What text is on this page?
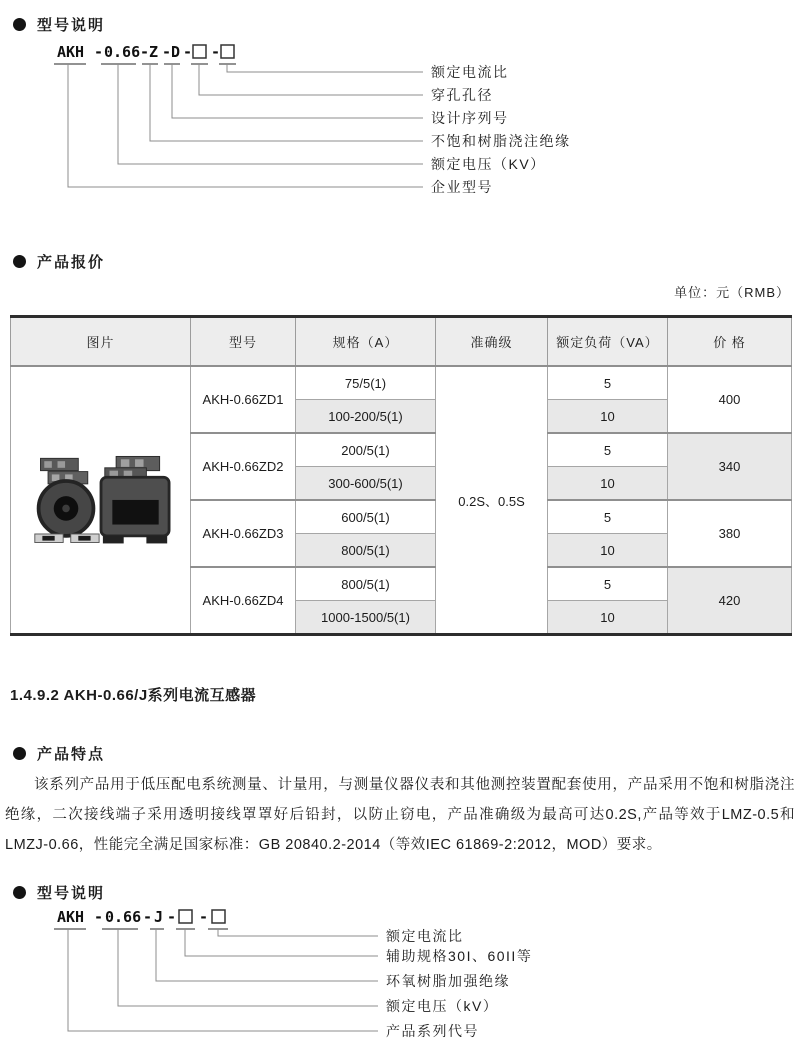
型号说明
AKH - 0.66 -Z -D - -
额定电流比
穿孔孔径
设计序列号
不饱和树脂浇注绝缘
额定电压（KV）
企业型号
产品报价
单位：元（RMB）
图片	型号	规格（A）	准确级	额定负荷（VA）	价 格
	AKH-0.66ZD1	75/5(1)	0.2S、0.5S	5	400
		100-200/5(1)		10	
	AKH-0.66ZD2	200/5(1)		5	340
		300-600/5(1)		10	
	AKH-0.66ZD3	600/5(1)		5	380
		800/5(1)		10	
	AKH-0.66ZD4	800/5(1)		5	420
		1000-1500/5(1)		10	
1.4.9.2 AKH-0.66/J系列电流互感器
产品特点

该系列产品用于低压配电系统测量、计量用，与测量仪器仪表和其他测控装置配套使用，产品采用不饱和树脂浇注绝缘，二次接线端子采用透明接线罩罩好后铅封，以防止窃电，产品准确级为最高可达0.2S,产品等效于LMZ-0.5和LMZJ-0.66，性能完全满足国家标准：GB 20840.2-2014（等效IEC 61869-2:2012，MOD）要求。

型号说明
AKH - 0.66 - J - -
额定电流比
辅助规格30I、60II等
环氧树脂加强绝缘
额定电压（kV）
产品系列代号
